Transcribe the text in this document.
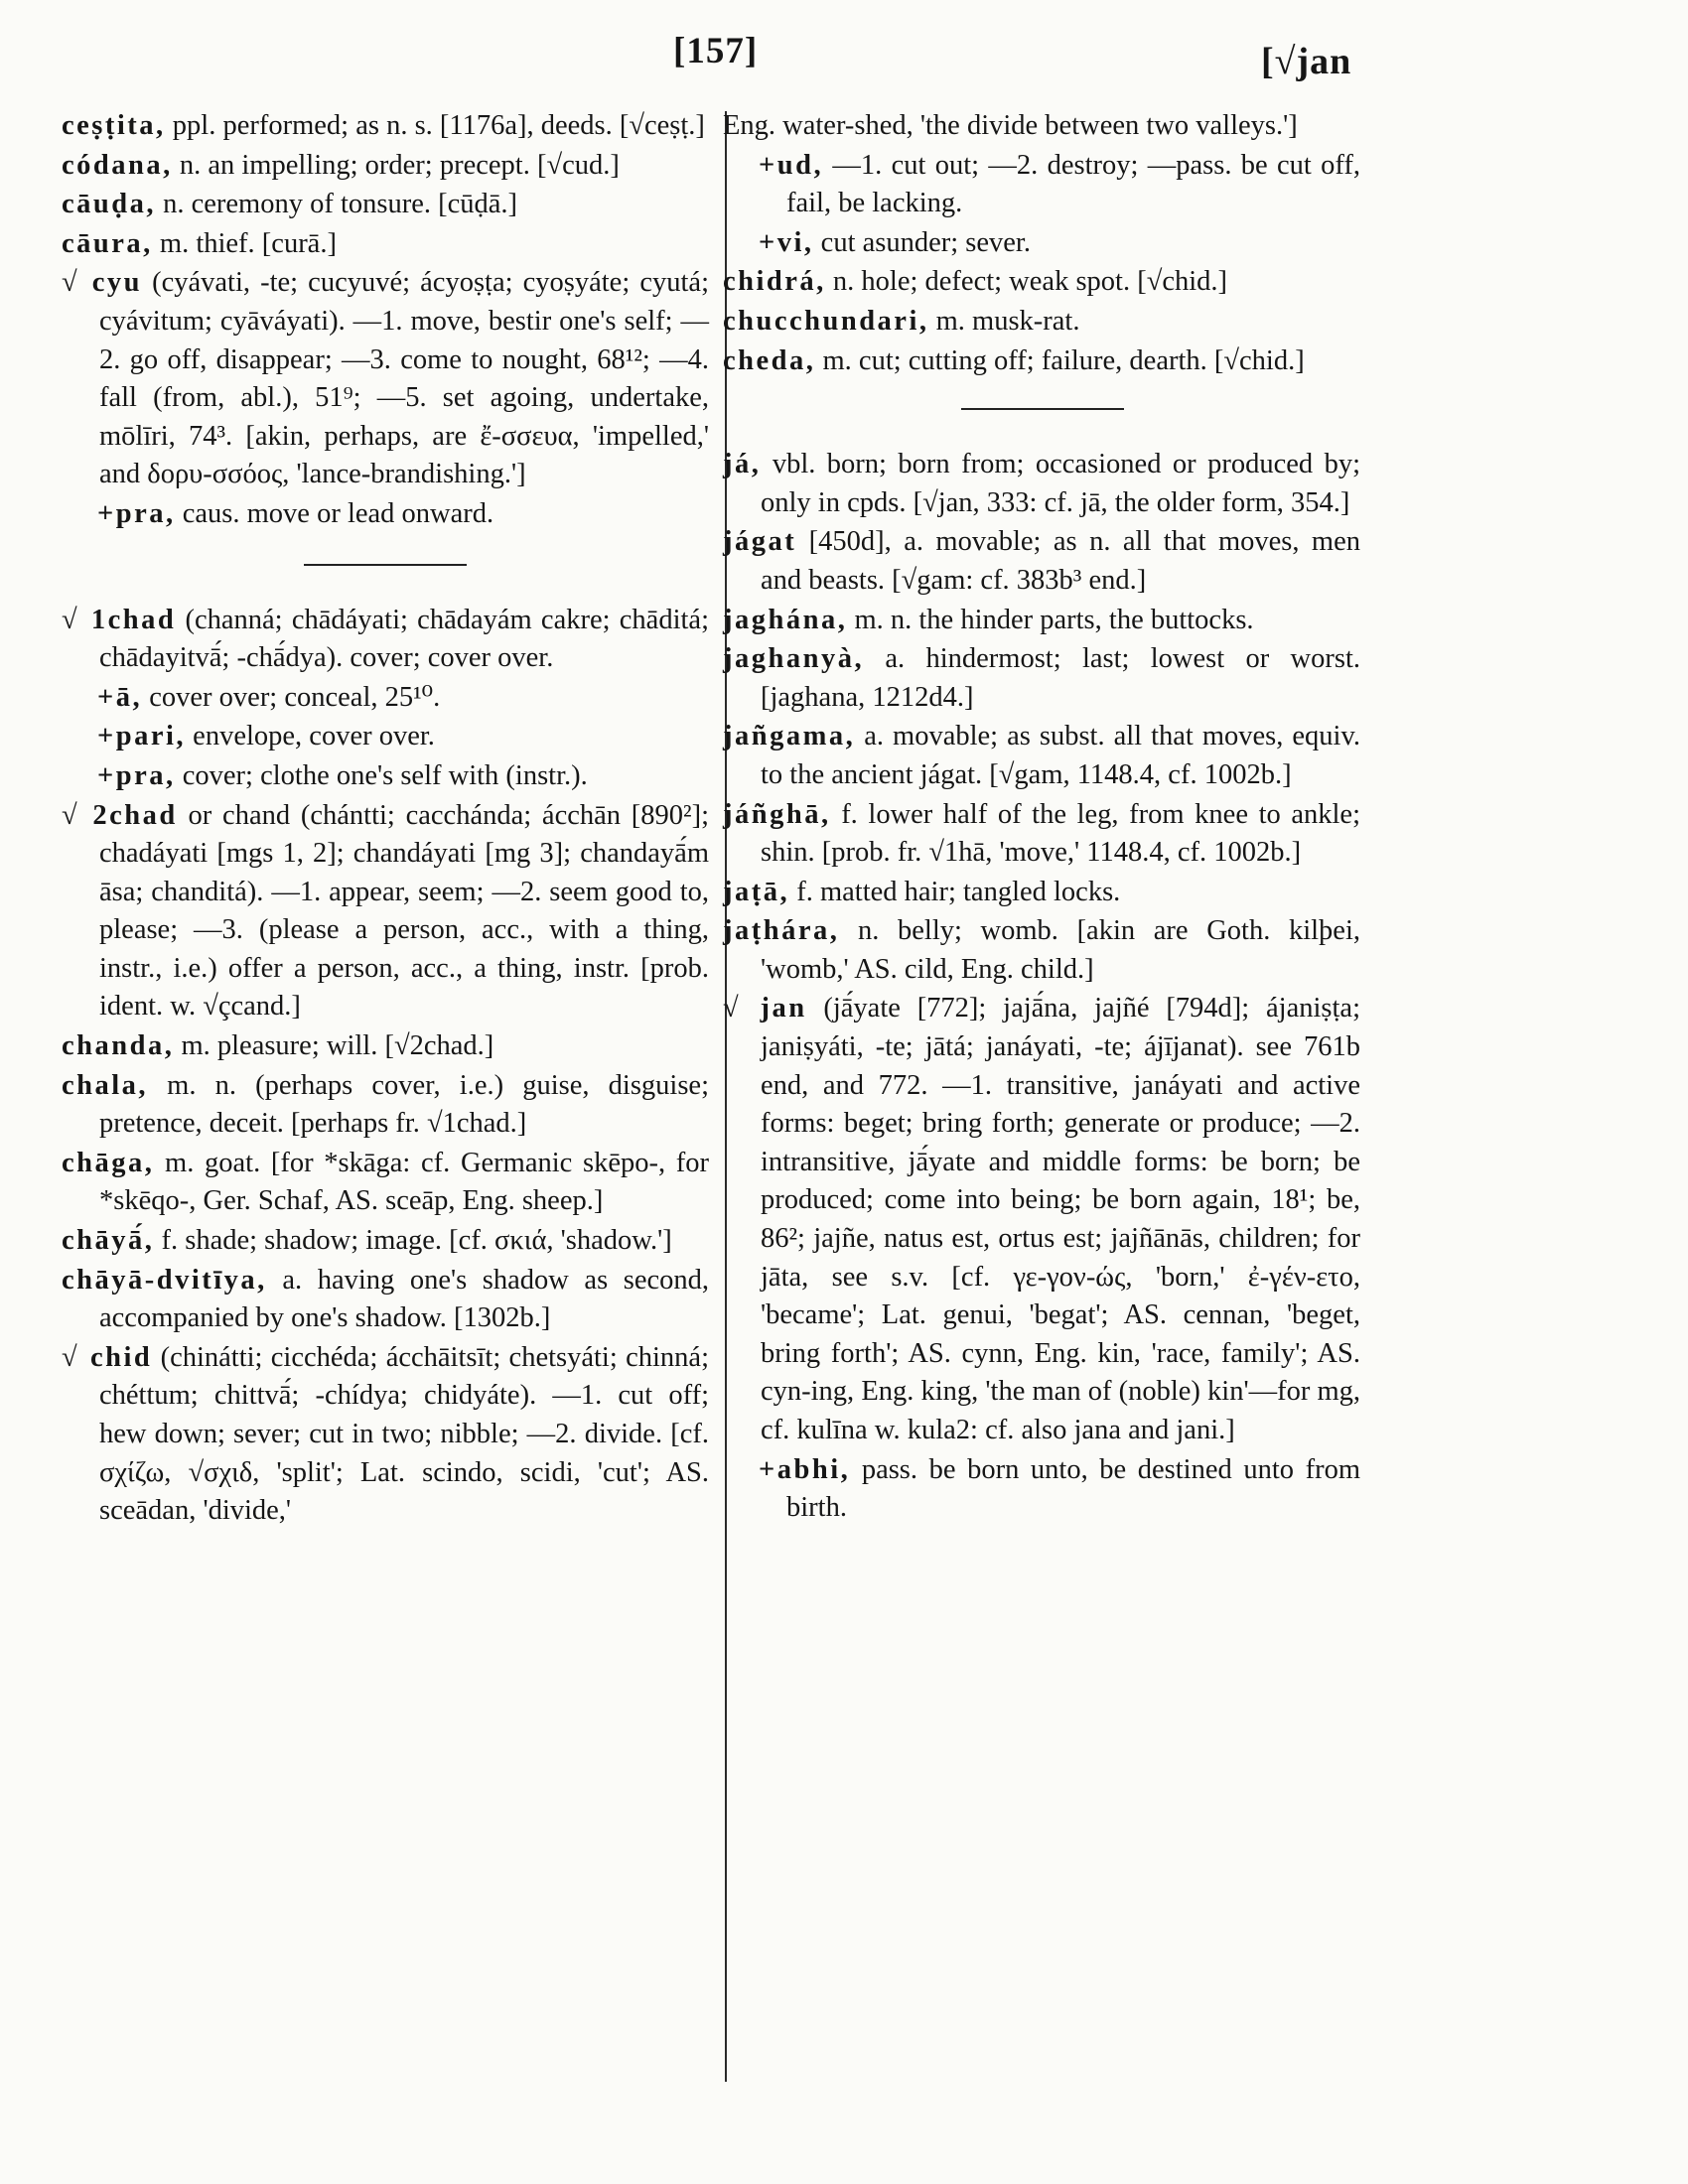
[157]	[√jan

ceṣṭita, ppl. performed; as n. s. [1176a], deeds. [√ceṣṭ.]

códana, n. an impelling; order; precept. [√cud.]

cāuḍa, n. ceremony of tonsure. [cūḍā.]

cāura, m. thief. [curā.]

√ cyu (cyávati, -te; cucyuvé; ácyoṣṭa; cyoṣyáte; cyutá; cyávitum; cyāváyati). —1. move, bestir one's self; —2. go off, disappear; —3. come to nought, 68¹²; —4. fall (from, abl.), 51⁹; —5. set agoing, undertake, mōlīri, 74³. [akin, perhaps, are ἔ-σσευα, 'impelled,' and δορυ-σσόος, 'lance-brandishing.']

+pra, caus. move or lead onward.

√ 1chad (channá; chādáyati; chādayám cakre; chāditá; chādayitvā́; -chā́dya). cover; cover over.

+ā, cover over; conceal, 25¹⁰.

+pari, envelope, cover over.

+pra, cover; clothe one's self with (instr.).

√ 2chad or chand (chántti; cacchánda; ácchān [890²]; chadáyati [mgs 1, 2]; chandáyati [mg 3]; chandayā́m āsa; chanditá). —1. appear, seem; —2. seem good to, please; —3. (please a person, acc., with a thing, instr., i.e.) offer a person, acc., a thing, instr. [prob. ident. w. √çcand.]

chanda, m. pleasure; will. [√2chad.]

chala, m. n. (perhaps cover, i.e.) guise, disguise; pretence, deceit. [perhaps fr. √1chad.]

chāga, m. goat. [for *skāga: cf. Germanic skēpo-, for *skēqo-, Ger. Schaf, AS. sceāp, Eng. sheep.]

chāyā́, f. shade; shadow; image. [cf. σκιά, 'shadow.']

chāyā-dvitīya, a. having one's shadow as second, accompanied by one's shadow. [1302b.]

√ chid (chinátti; cicchéda; ácchāitsīt; chetsyáti; chinná; chéttum; chittvā́; -chídya; chidyáte). —1. cut off; hew down; sever; cut in two; nibble; —2. divide. [cf. σχίζω, √σχιδ, 'split'; Lat. scindo, scidi, 'cut'; AS. sceādan, 'divide,'

Eng. water-shed, 'the divide between two valleys.']

+ud, —1. cut out; —2. destroy; —pass. be cut off, fail, be lacking.

+vi, cut asunder; sever.

chidrá, n. hole; defect; weak spot. [√chid.]

chucchundari, m. musk-rat.

cheda, m. cut; cutting off; failure, dearth. [√chid.]

já, vbl. born; born from; occasioned or produced by; only in cpds. [√jan, 333: cf. jā, the older form, 354.]

jágat [450d], a. movable; as n. all that moves, men and beasts. [√gam: cf. 383b³ end.]

jaghána, m. n. the hinder parts, the buttocks.

jaghanyà, a. hindermost; last; lowest or worst. [jaghana, 1212d4.]

jañgama, a. movable; as subst. all that moves, equiv. to the ancient jágat. [√gam, 1148.4, cf. 1002b.]

jáñghā, f. lower half of the leg, from knee to ankle; shin. [prob. fr. √1hā, 'move,' 1148.4, cf. 1002b.]

jaṭā, f. matted hair; tangled locks.

jaṭhára, n. belly; womb. [akin are Goth. kilþei, 'womb,' AS. cild, Eng. child.]

√ jan (jā́yate [772]; jajā́na, jajñé [794d]; ájaniṣṭa; janiṣyáti, -te; jātá; janáyati, -te; ájījanat). see 761b end, and 772. —1. transitive, janáyati and active forms: beget; bring forth; generate or produce; —2. intransitive, jā́yate and middle forms: be born; be produced; come into being; be born again, 18¹; be, 86²; jajñe, natus est, ortus est; jajñānās, children; for jāta, see s.v. [cf. γε-γον-ώς, 'born,' ἐ-γέν-ετο, 'became'; Lat. genui, 'begat'; AS. cennan, 'beget, bring forth'; AS. cynn, Eng. kin, 'race, family'; AS. cyn-ing, Eng. king, 'the man of (noble) kin'—for mg, cf. kulīna w. kula2: cf. also jana and jani.]

+abhi, pass. be born unto, be destined unto from birth.
